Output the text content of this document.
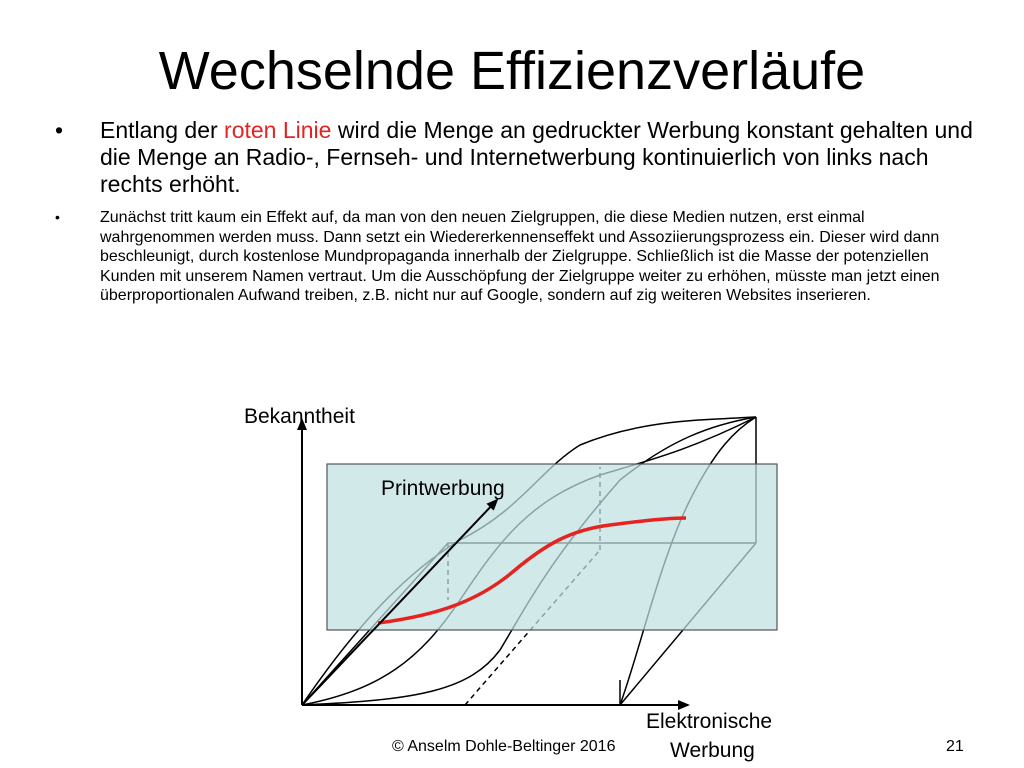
Wechselnde Effizienzverläufe
• Entlang der roten Linie wird die Menge an gedruckter Werbung konstant gehalten und die Menge an Radio-, Fernseh- und Internetwerbung kontinuierlich von links nach rechts erhöht.
•	Zunächst tritt kaum ein Effekt auf, da man von den neuen Zielgruppen, die diese Medien nutzen, erst einmal wahrgenommen werden muss. Dann setzt ein Wiedererkennenseffekt und Assoziierungsprozess ein. Dieser wird dann beschleunigt, durch kostenlose Mundpropaganda innerhalb der Zielgruppe. Schließlich ist die Masse der potenziellen Kunden mit unserem Namen vertraut. Um die Ausschöpfung der Zielgruppe weiter zu erhöhen, müsste man jetzt einen überproportionalen Aufwand treiben, z.B. nicht nur auf Google, sondern auf zig weiteren Websites inserieren.
Bekanntheit
Printwerbung
Elektronische
Werbung
© Anselm Dohle-Beltinger 2016	21
